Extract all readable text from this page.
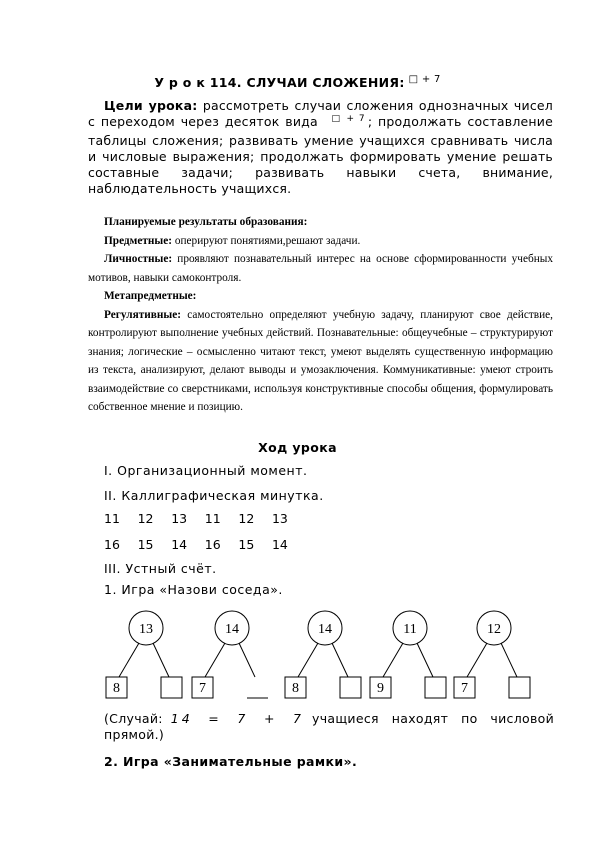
У р о к 114. СЛУЧАИ СЛОЖЕНИЯ: $^{□ + 7}$
Цели урока: рассмотреть случаи сложения однозначных чисел с переходом через десяток вида $^{□ + 7}$ ; продолжать составление таблицы сложения; развивать умение учащихся сравнивать числа и числовые выражения; продолжать формировать умение решать составные задачи; развивать навыки счета, внимание, наблюдательность учащихся.

Планируемые результаты образования:

Предметные: оперируют понятиями,решают задачи.

Личностные: проявляют познавательный интерес на основе сформированности учебных мотивов, навыки самоконтроля.

Метапредметные:

Регулятивные: самостоятельно определяют учебную задачу, планируют свое действие, контролируют выполнение учебных действий. Познавательные: общеучебные – структурируют знания; логические – осмысленно читают текст, умеют выделять существенную информацию из текста, анализируют, делают выводы и умозаключения. Коммуникативные: умеют строить взаимодействие со сверстниками, используя конструктивные способы общения, формулировать собственное мнение и позицию.

Ход урока
I. Организационный момент.
II. Каллиграфическая минутка.
11	12	13	11	12	13
16	15	14	16	15	14
III. Устный счёт.
1. Игра «Назови соседа».
13
8
14
7
14
8
11
9
12
7
(Случай: 14 = 7 + 7 учащиеся находят по числовой прямой.)
2. Игра «Занимательные рамки».
